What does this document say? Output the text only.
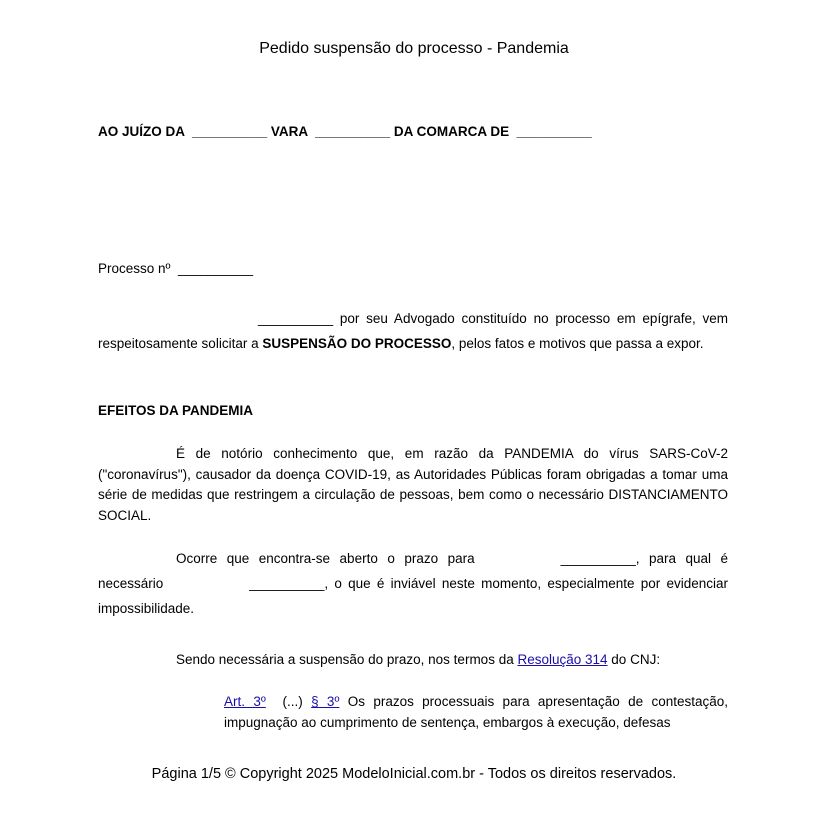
Pedido suspensão do processo - Pandemia
AO JUÍZO DA  __________ VARA  __________ DA COMARCA DE  __________
Processo nº  __________

__________ por seu Advogado constituído no processo em epígrafe, vem respeitosamente solicitar a SUSPENSÃO DO PROCESSO, pelos fatos e motivos que passa a expor.

EFEITOS DA PANDEMIA

É de notório conhecimento que, em razão da PANDEMIA do vírus SARS-CoV-2 ("coronavírus"), causador da doença COVID-19, as Autoridades Públicas foram obrigadas a tomar uma série de medidas que restringem a circulação de pessoas, bem como o necessário DISTANCIAMENTO SOCIAL.

Ocorre que encontra-se aberto o prazo para	__________, para qual é necessário	__________, o que é inviável neste momento, especialmente por evidenciar impossibilidade.

Sendo necessária a suspensão do prazo, nos termos da Resolução 314 do CNJ:

Art. 3º  (...) § 3º Os prazos processuais para apresentação de contestação, impugnação ao cumprimento de sentença, embargos à execução, defesas

Página 1/5 © Copyright 2025 ModeloInicial.com.br - Todos os direitos reservados.
